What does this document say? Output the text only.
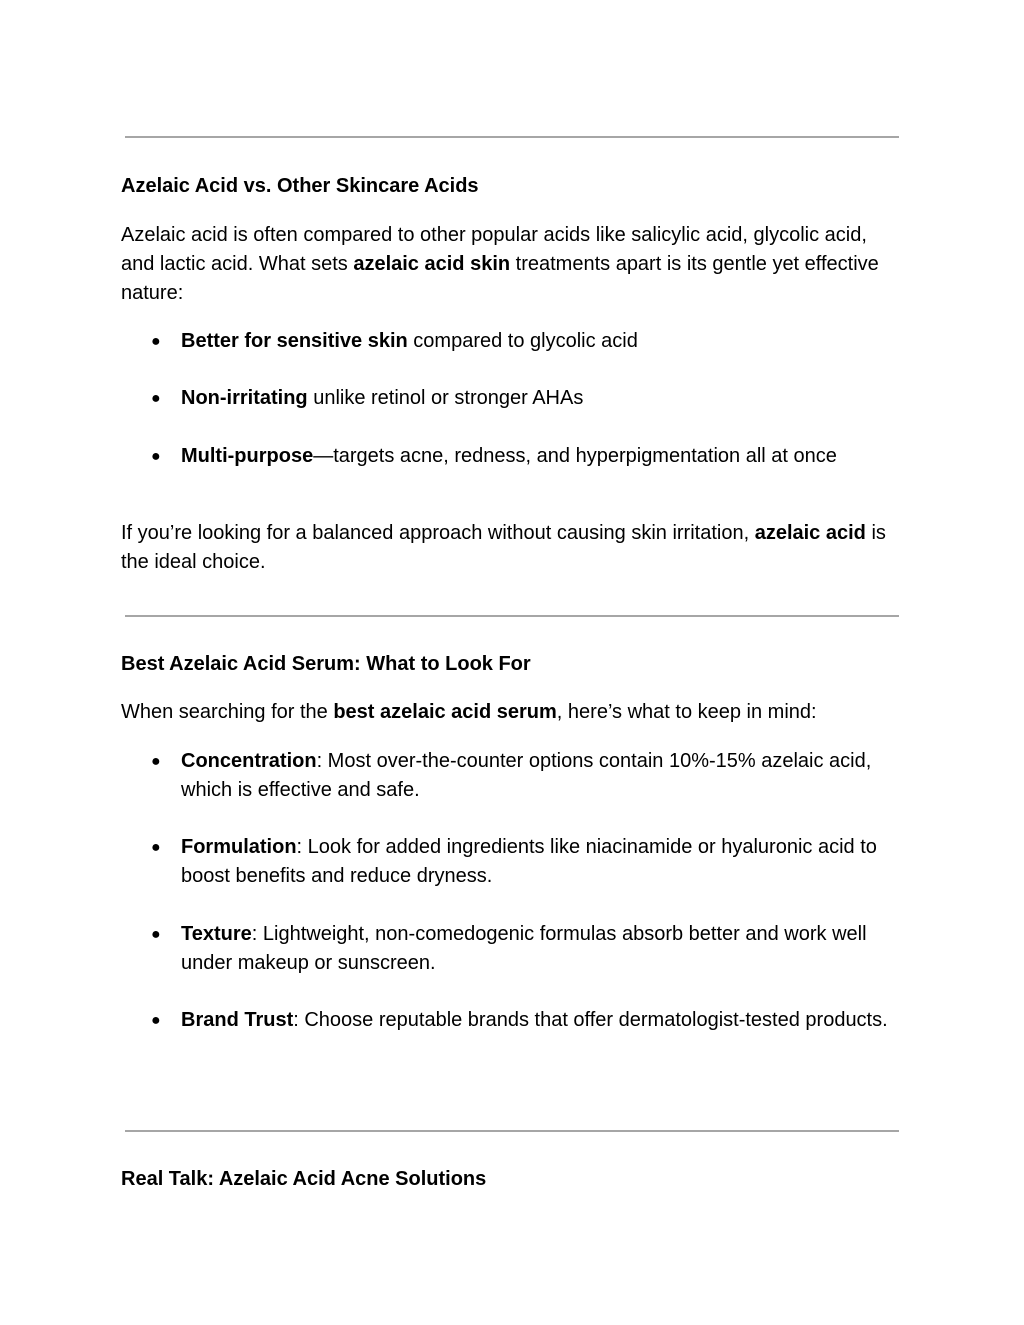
Azelaic Acid vs. Other Skincare Acids

Azelaic acid is often compared to other popular acids like salicylic acid, glycolic acid, and lactic acid. What sets azelaic acid skin treatments apart is its gentle yet effective nature:

● Better for sensitive skin compared to glycolic acid
● Non-irritating unlike retinol or stronger AHAs
● Multi-purpose—targets acne, redness, and hyperpigmentation all at once

If you’re looking for a balanced approach without causing skin irritation, azelaic acid is the ideal choice.

Best Azelaic Acid Serum: What to Look For

When searching for the best azelaic acid serum, here’s what to keep in mind:

● Concentration: Most over-the-counter options contain 10%-15% azelaic acid, which is effective and safe.
● Formulation: Look for added ingredients like niacinamide or hyaluronic acid to boost benefits and reduce dryness.
● Texture: Lightweight, non-comedogenic formulas absorb better and work well under makeup or sunscreen.
● Brand Trust: Choose reputable brands that offer dermatologist-tested products.
Real Talk: Azelaic Acid Acne Solutions
